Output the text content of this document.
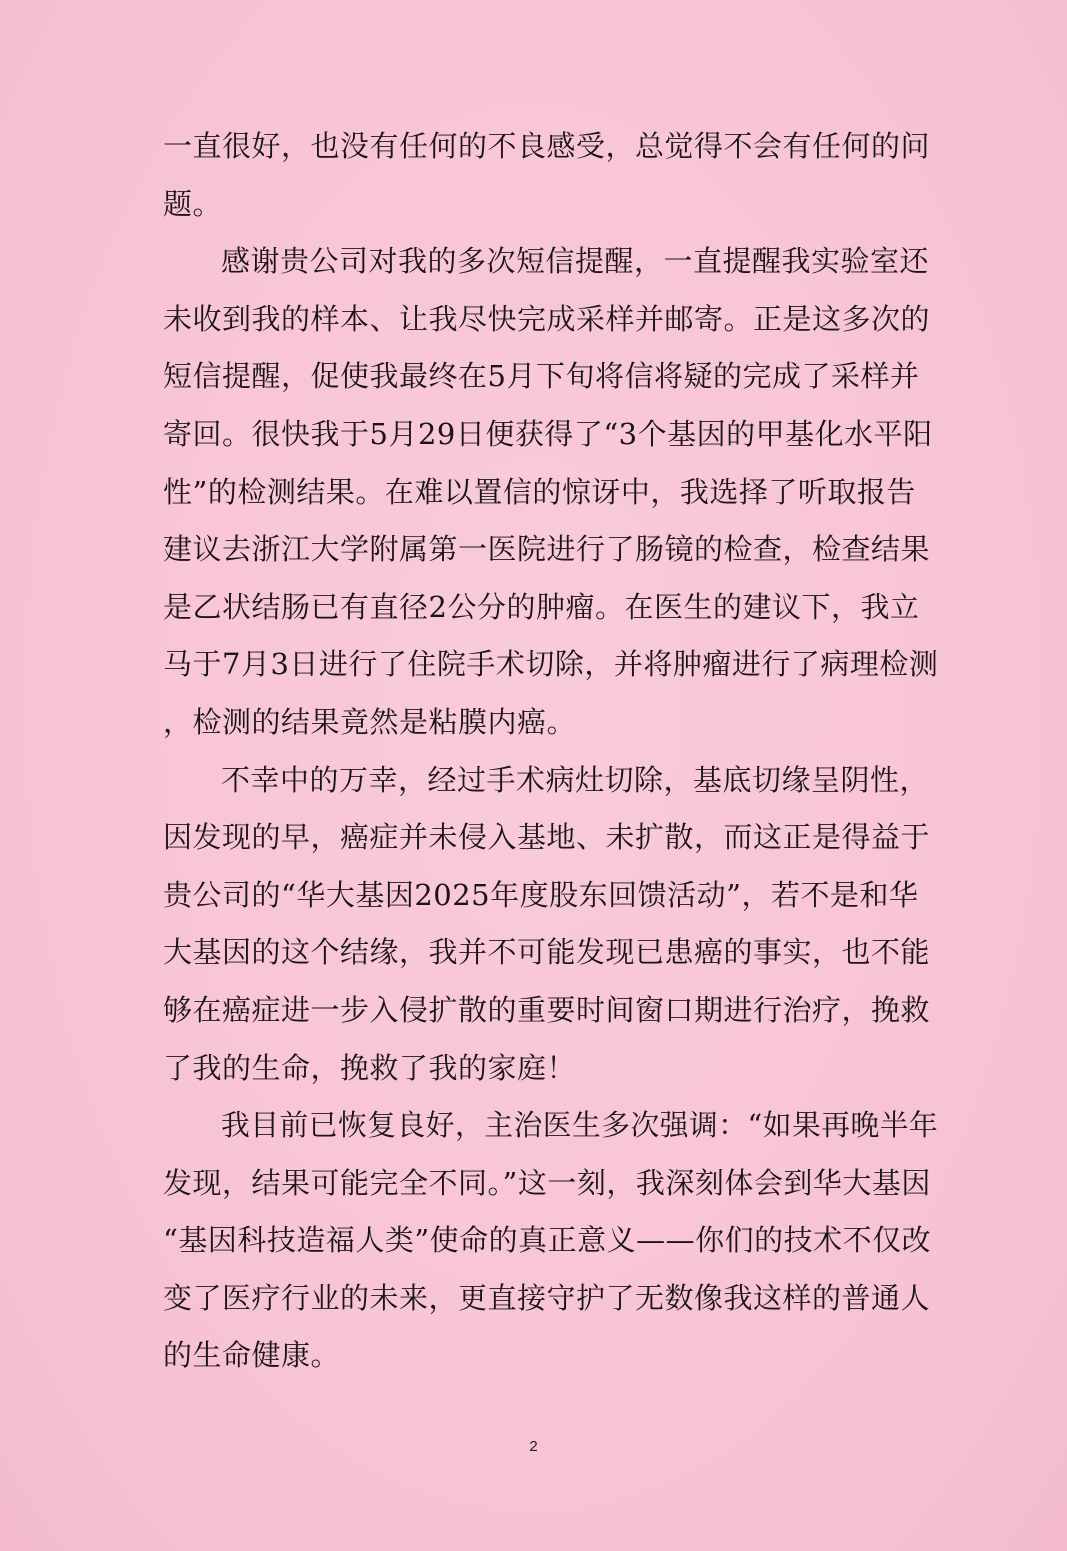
一直很好，也没有任何的不良感受，总觉得不会有任何的问
题。
感谢贵公司对我的多次短信提醒，一直提醒我实验室还
未收到我的样本、让我尽快完成采样并邮寄。正是这多次的
短信提醒，促使我最终在5月下旬将信将疑的完成了采样并
寄回。很快我于5月29日便获得了“3个基因的甲基化水平阳
性”的检测结果。在难以置信的惊讶中，我选择了听取报告
建议去浙江大学附属第一医院进行了肠镜的检查，检查结果
是乙状结肠已有直径2公分的肿瘤。在医生的建议下，我立
马于7月3日进行了住院手术切除，并将肿瘤进行了病理检测
，检测的结果竟然是粘膜内癌。
不幸中的万幸，经过手术病灶切除，基底切缘呈阴性，
因发现的早，癌症并未侵入基地、未扩散，而这正是得益于
贵公司的“华大基因2025年度股东回馈活动”，若不是和华
大基因的这个结缘，我并不可能发现已患癌的事实，也不能
够在癌症进一步入侵扩散的重要时间窗口期进行治疗，挽救
了我的生命，挽救了我的家庭！
我目前已恢复良好，主治医生多次强调：“如果再晚半年
发现，结果可能完全不同。”这一刻，我深刻体会到华大基因
“基因科技造福人类”使命的真正意义——你们的技术不仅改
变了医疗行业的未来，更直接守护了无数像我这样的普通人
的生命健康。
2
